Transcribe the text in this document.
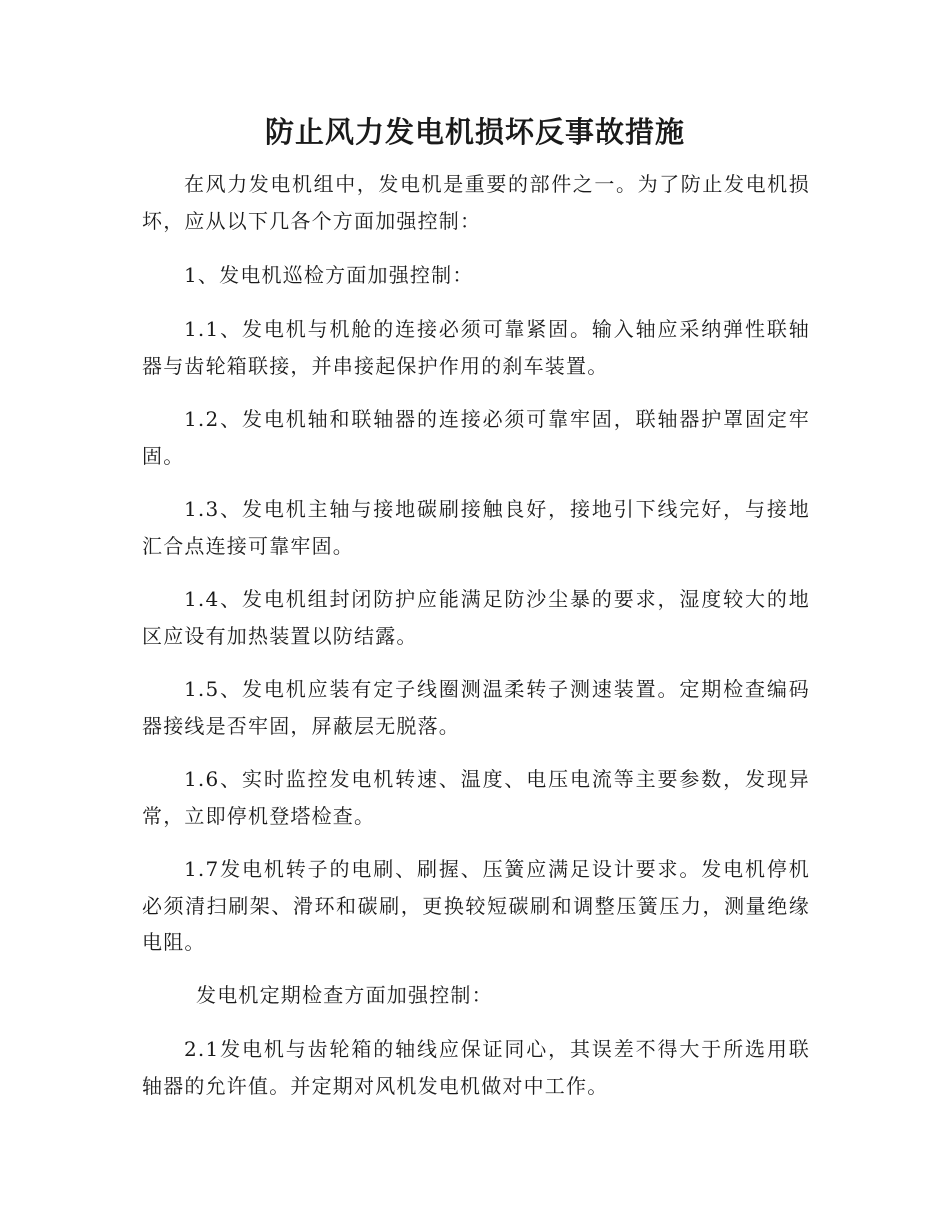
防止风力发电机损坏反事故措施

在风力发电机组中，发电机是重要的部件之一。为了防止发电机损坏，应从以下几各个方面加强控制：

1、发电机巡检方面加强控制：

1.1、发电机与机舱的连接必须可靠紧固。输入轴应采纳弹性联轴器与齿轮箱联接，并串接起保护作用的刹车装置。

1.2、发电机轴和联轴器的连接必须可靠牢固，联轴器护罩固定牢固。

1.3、发电机主轴与接地碳刷接触良好，接地引下线完好，与接地汇合点连接可靠牢固。

1.4、发电机组封闭防护应能满足防沙尘暴的要求，湿度较大的地区应设有加热装置以防结露。

1.5、发电机应装有定子线圈测温柔转子测速装置。定期检查编码器接线是否牢固，屏蔽层无脱落。

1.6、实时监控发电机转速、温度、电压电流等主要参数，发现异常，立即停机登塔检查。

1.7发电机转子的电刷、刷握、压簧应满足设计要求。发电机停机必须清扫刷架、滑环和碳刷，更换较短碳刷和调整压簧压力，测量绝缘电阻。

发电机定期检查方面加强控制：

2.1发电机与齿轮箱的轴线应保证同心，其误差不得大于所选用联轴器的允许值。并定期对风机发电机做对中工作。
